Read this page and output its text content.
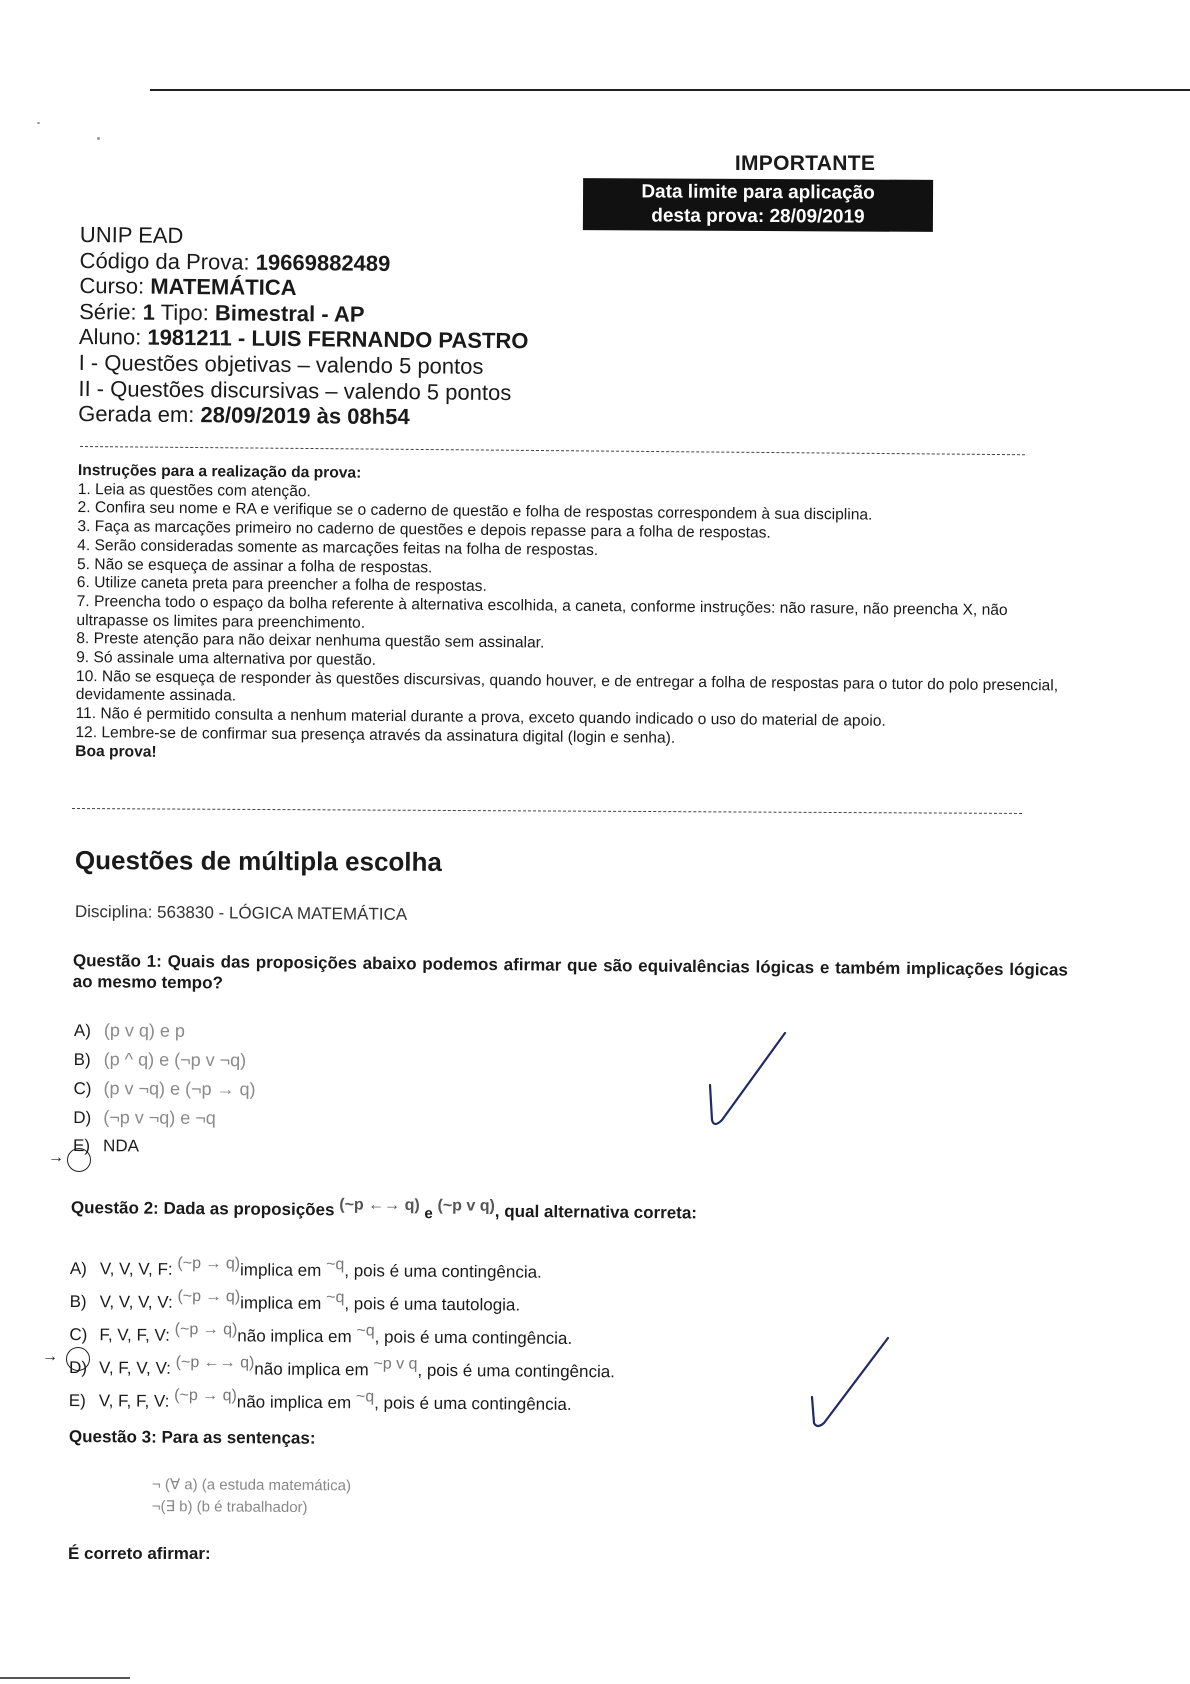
IMPORTANTE
Data limite para aplicação
desta prova: 28/09/2019
UNIP EAD
Código da Prova: 19669882489
Curso: MATEMÁTICA
Série: 1 Tipo: Bimestral - AP
Aluno: 1981211 - LUIS FERNANDO PASTRO
I - Questões objetivas – valendo 5 pontos
II - Questões discursivas – valendo 5 pontos
Gerada em: 28/09/2019 às 08h54
Instruções para a realização da prova:
1. Leia as questões com atenção.
2. Confira seu nome e RA e verifique se o caderno de questão e folha de respostas correspondem à sua disciplina.
3. Faça as marcações primeiro no caderno de questões e depois repasse para a folha de respostas.
4. Serão consideradas somente as marcações feitas na folha de respostas.
5. Não se esqueça de assinar a folha de respostas.
6. Utilize caneta preta para preencher a folha de respostas.
7. Preencha todo o espaço da bolha referente à alternativa escolhida, a caneta, conforme instruções: não rasure, não preencha X, não ultrapasse os limites para preenchimento.
8. Preste atenção para não deixar nenhuma questão sem assinalar.
9. Só assinale uma alternativa por questão.
10. Não se esqueça de responder às questões discursivas, quando houver, e de entregar a folha de respostas para o tutor do polo presencial, devidamente assinada.
11. Não é permitido consulta a nenhum material durante a prova, exceto quando indicado o uso do material de apoio.
12. Lembre-se de confirmar sua presença através da assinatura digital (login e senha).
Boa prova!
Questões de múltipla escolha
Disciplina: 563830 - LÓGICA MATEMÁTICA
Questão 1: Quais das proposições abaixo podemos afirmar que são equivalências lógicas e também implicações lógicas ao mesmo tempo?
A) (p v q) e p
B) (p ^ q) e (¬p v ¬q)
C) (p v ¬q) e (¬p → q)
D) (¬p v ¬q) e ¬q
E) NDA
→
Questão 2: Dada as proposições (~p ←→ q) e (~p v q), qual alternativa correta:
A) V, V, V, F: (~p → q)implica em ~q, pois é uma contingência.
B) V, V, V, V: (~p → q)implica em ~q, pois é uma tautologia.
C) F, V, F, V: (~p → q)não implica em ~q, pois é uma contingência.
D) V, F, V, V: (~p ←→ q)não implica em ~p v q, pois é uma contingência.
E) V, F, F, V: (~p → q)não implica em ~q, pois é uma contingência.
→
Questão 3: Para as sentenças:
¬ (∀ a) (a estuda matemática)
¬(∃ b) (b é trabalhador)
É correto afirmar:
